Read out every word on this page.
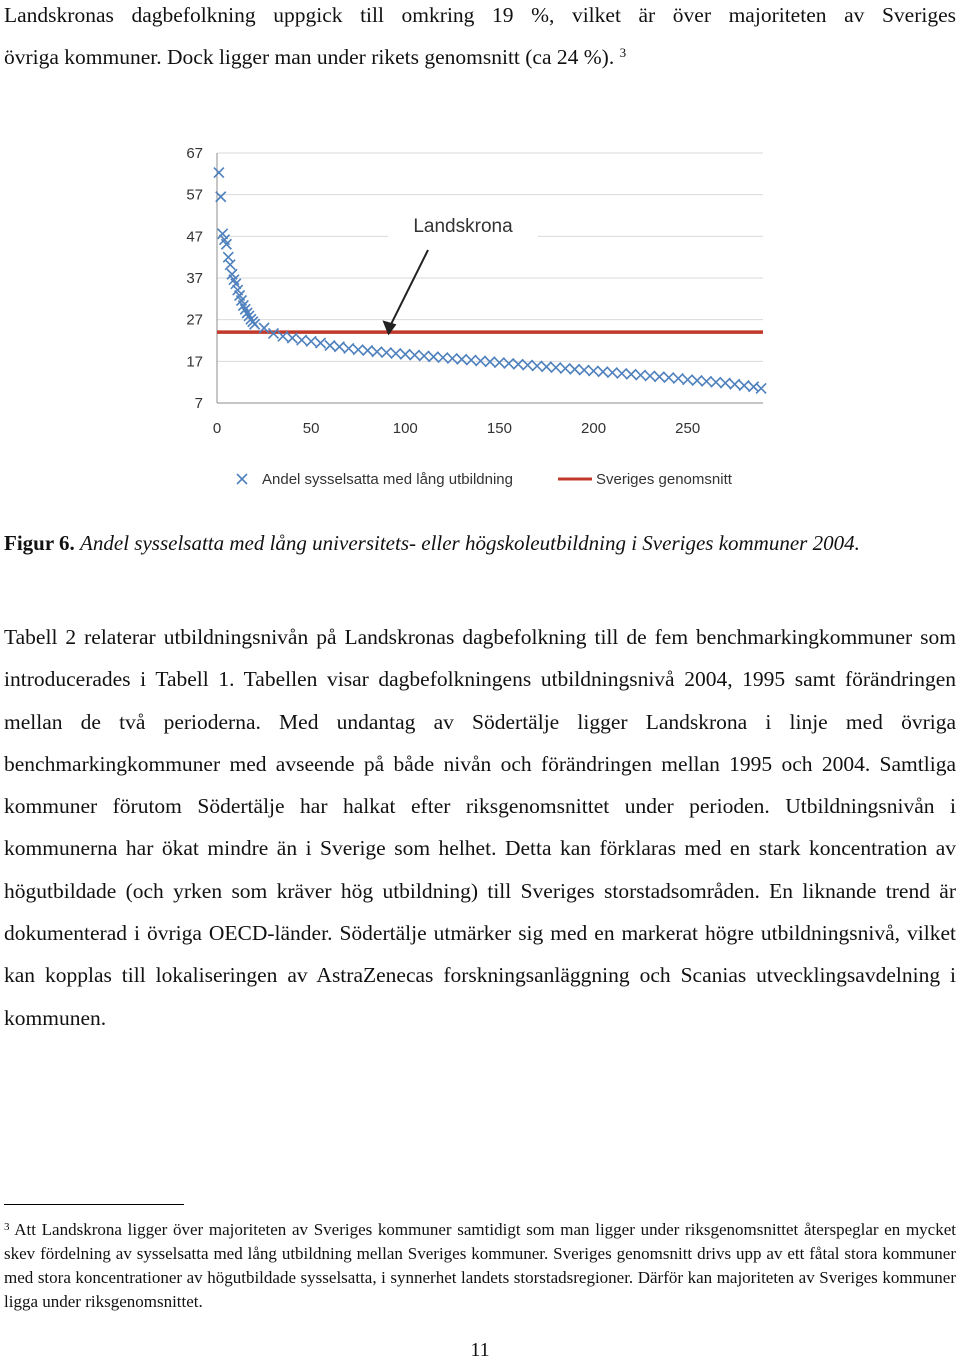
Landskronas dagbefolkning uppgick till omkring 19 %, vilket är över majoriteten av Sveriges
övriga kommuner. Dock ligger man under rikets genomsnitt (ca 24 %). $^3$
67
57
47
37
27
17
7
0	50	100	150	200	250
Landskrona
Andel sysselsatta med lång utbildning	Sveriges genomsnitt
Figur 6. Andel sysselsatta med lång universitets- eller högskoleutbildning i Sveriges kommuner 2004.

Tabell 2 relaterar utbildningsnivån på Landskronas dagbefolkning till de fem benchmarkingkommuner som introducerades i Tabell 1. Tabellen visar dagbefolkningens utbildningsnivå 2004, 1995 samt förändringen mellan de två perioderna. Med undantag av Södertälje ligger Landskrona i linje med övriga benchmarkingkommuner med avseende på både nivån och förändringen mellan 1995 och 2004. Samtliga kommuner förutom Södertälje har halkat efter riksgenomsnittet under perioden. Utbildningsnivån i kommunerna har ökat mindre än i Sverige som helhet. Detta kan förklaras med en stark koncentration av högutbildade (och yrken som kräver hög utbildning) till Sveriges storstadsområden. En liknande trend är dokumenterad i övriga OECD-länder. Södertälje utmärker sig med en markerat högre utbildningsnivå, vilket kan kopplas till lokaliseringen av AstraZenecas forskningsanläggning och Scanias utvecklingsavdelning i kommunen.

$^3$ Att Landskrona ligger över majoriteten av Sveriges kommuner samtidigt som man ligger under riksgenomsnittet återspeglar en mycket skev fördelning av sysselsatta med lång utbildning mellan Sveriges kommuner. Sveriges genomsnitt drivs upp av ett fåtal stora kommuner med stora koncentrationer av högutbildade sysselsatta, i synnerhet landets storstadsregioner. Därför kan majoriteten av Sveriges kommuner ligga under riksgenomsnittet.
11
